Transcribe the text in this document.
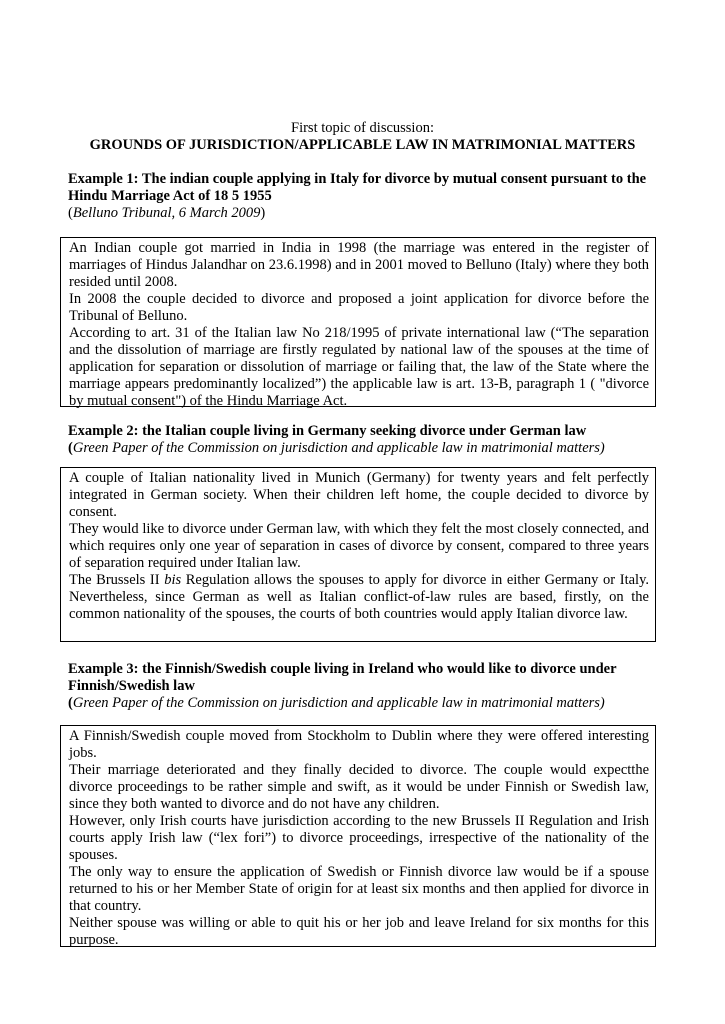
First topic of discussion:
GROUNDS OF JURISDICTION/APPLICABLE LAW IN MATRIMONIAL MATTERS

Example 1: The indian couple applying in Italy for divorce by mutual consent pursuant to the Hindu Marriage Act of 18 5 1955

(Belluno Tribunal, 6 March 2009)

An Indian couple got married in India in 1998 (the marriage was entered in the register of marriages of Hindus Jalandhar on 23.6.1998) and in 2001 moved to Belluno (Italy) where they both resided until 2008.

In 2008 the couple decided to divorce and proposed a joint application for divorce before the Tribunal of Belluno.

According to art. 31 of the Italian law No 218/1995 of private international law (“The separation and the dissolution of marriage are firstly regulated by national law of the spouses at the time of application for separation or dissolution of marriage or failing that, the law of the State where the marriage appears predominantly localized”) the applicable law is art. 13-B, paragraph 1 ( "divorce by mutual consent") of the Hindu Marriage Act.

Example 2: the Italian couple living in Germany seeking divorce under German law

(Green Paper of the Commission on jurisdiction and applicable law in matrimonial matters)

A couple of Italian nationality lived in Munich (Germany) for twenty years and felt perfectly integrated in German society. When their children left home, the couple decided to divorce by consent.

They would like to divorce under German law, with which they felt the most closely connected, and which requires only one year of separation in cases of divorce by consent, compared to three years of separation required under Italian law.

The Brussels II bis Regulation allows the spouses to apply for divorce in either Germany or Italy. Nevertheless, since German as well as Italian conflict-of-law rules are based, firstly, on the common nationality of the spouses, the courts of both countries would apply Italian divorce law.

Example 3: the Finnish/Swedish couple living in Ireland who would like to divorce under Finnish/Swedish law

(Green Paper of the Commission on jurisdiction and applicable law in matrimonial matters)

A Finnish/Swedish couple moved from Stockholm to Dublin where they were offered interesting jobs.

Their marriage deteriorated and they finally decided to divorce. The couple would expectthe divorce proceedings to be rather simple and swift, as it would be under Finnish or Swedish law, since they both wanted to divorce and do not have any children.

However, only Irish courts have jurisdiction according to the new Brussels II Regulation and Irish courts apply Irish law (“lex fori”) to divorce proceedings, irrespective of the nationality of the spouses.

The only way to ensure the application of Swedish or Finnish divorce law would be if a spouse returned to his or her Member State of origin for at least six months and then applied for divorce in that country.

Neither spouse was willing or able to quit his or her job and leave Ireland for six months for this purpose.
